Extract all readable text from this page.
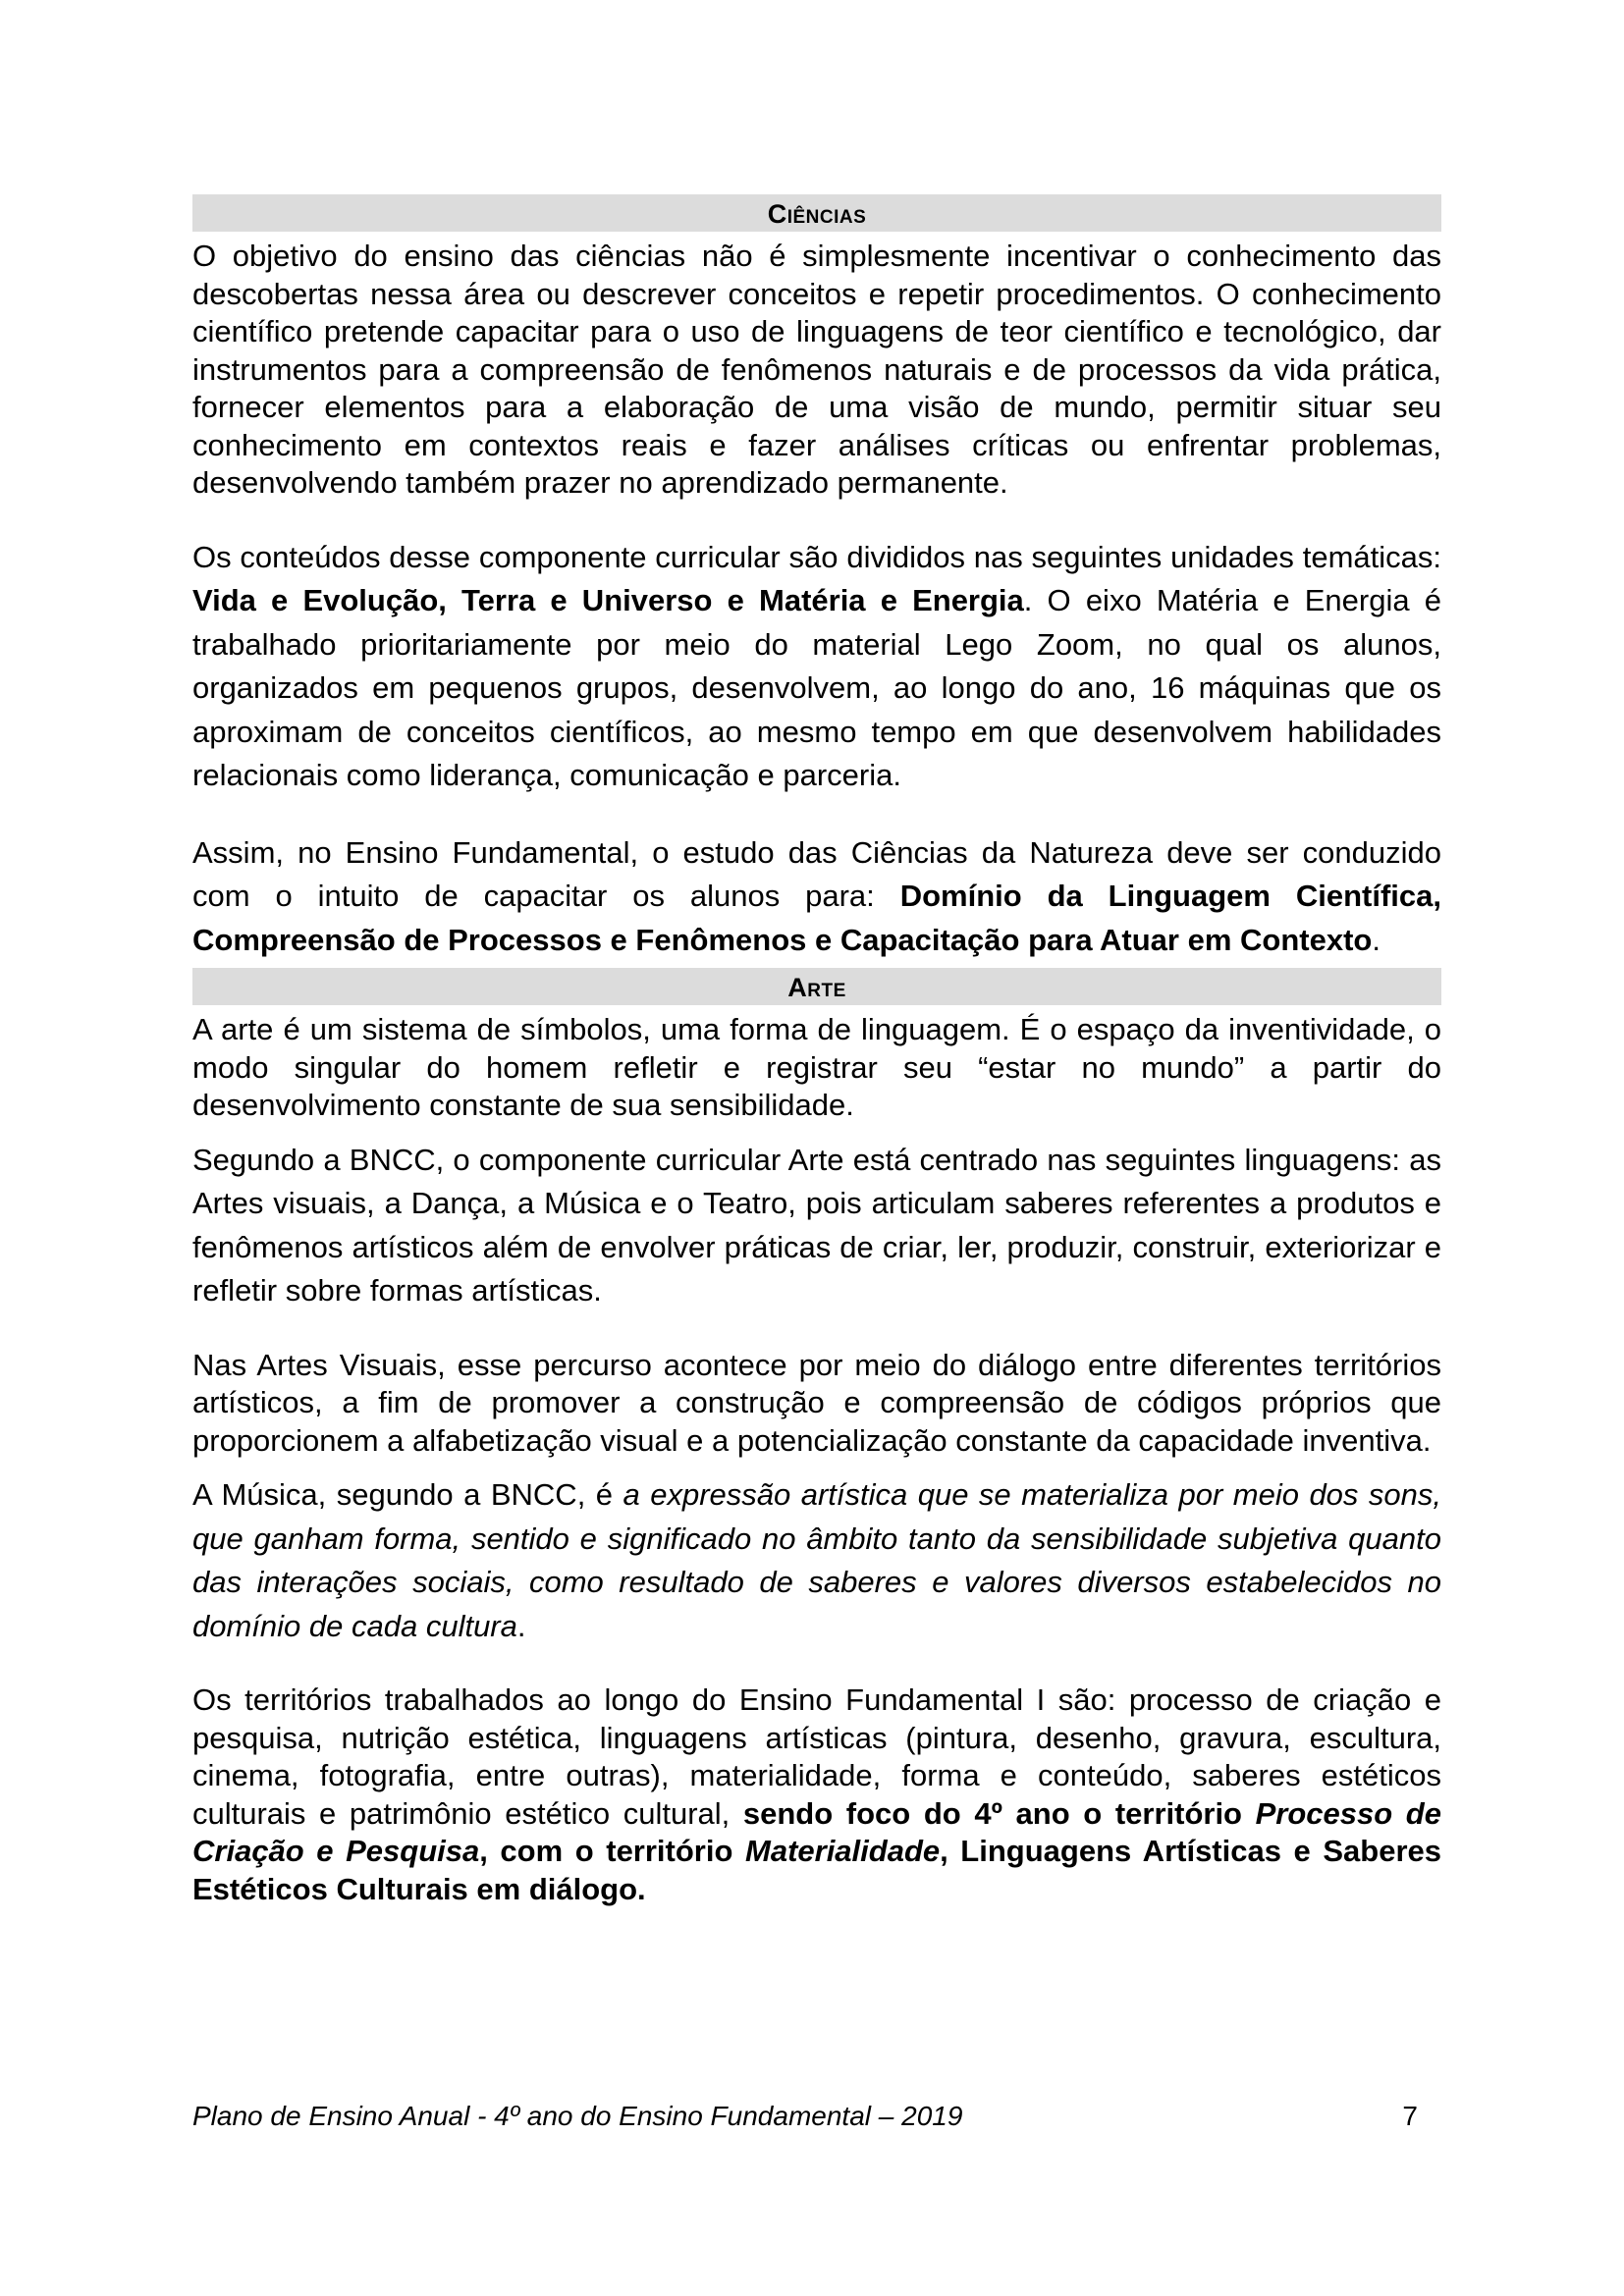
Ciências

O objetivo do ensino das ciências não é simplesmente incentivar o conhecimento das descobertas nessa área ou descrever conceitos e repetir procedimentos. O conhecimento científico pretende capacitar para o uso de linguagens de teor científico e tecnológico, dar instrumentos para a compreensão de fenômenos naturais e de processos da vida prática, fornecer elementos para a elaboração de uma visão de mundo, permitir situar seu conhecimento em contextos reais e fazer análises críticas ou enfrentar problemas, desenvolvendo também prazer no aprendizado permanente.

Os conteúdos desse componente curricular são divididos nas seguintes unidades temáticas: Vida e Evolução, Terra e Universo e Matéria e Energia. O eixo Matéria e Energia é trabalhado prioritariamente por meio do material Lego Zoom, no qual os alunos, organizados em pequenos grupos, desenvolvem, ao longo do ano, 16 máquinas que os aproximam de conceitos científicos, ao mesmo tempo em que desenvolvem habilidades relacionais como liderança, comunicação e parceria.

Assim, no Ensino Fundamental, o estudo das Ciências da Natureza deve ser conduzido com o intuito de capacitar os alunos para: Domínio da Linguagem Científica, Compreensão de Processos e Fenômenos e Capacitação para Atuar em Contexto.

Arte

A arte é um sistema de símbolos, uma forma de linguagem. É o espaço da inventividade, o modo singular do homem refletir e registrar seu “estar no mundo” a partir do desenvolvimento constante de sua sensibilidade.

Segundo a BNCC, o componente curricular Arte está centrado nas seguintes linguagens: as Artes visuais, a Dança, a Música e o Teatro, pois articulam saberes referentes a produtos e fenômenos artísticos além de envolver práticas de criar, ler, produzir, construir, exteriorizar e refletir sobre formas artísticas.

Nas Artes Visuais, esse percurso acontece por meio do diálogo entre diferentes territórios artísticos, a fim de promover a construção e compreensão de códigos próprios que proporcionem a alfabetização visual e a potencialização constante da capacidade inventiva.

A Música, segundo a BNCC, é a expressão artística que se materializa por meio dos sons, que ganham forma, sentido e significado no âmbito tanto da sensibilidade subjetiva quanto das interações sociais, como resultado de saberes e valores diversos estabelecidos no domínio de cada cultura.

Os territórios trabalhados ao longo do Ensino Fundamental I são: processo de criação e pesquisa, nutrição estética, linguagens artísticas (pintura, desenho, gravura, escultura, cinema, fotografia, entre outras), materialidade, forma e conteúdo, saberes estéticos culturais e patrimônio estético cultural, sendo foco do 4º ano o território Processo de Criação e Pesquisa, com o território Materialidade, Linguagens Artísticas e Saberes Estéticos Culturais em diálogo.

Plano de Ensino Anual - 4º ano do Ensino Fundamental – 2019	7
